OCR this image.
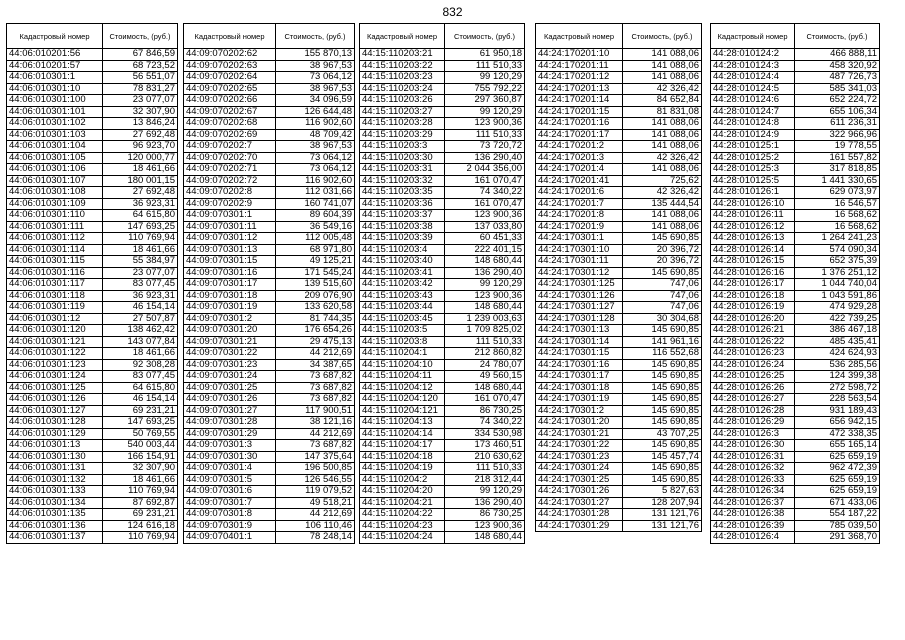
832
Кадастровый номер	Стоимость, (руб.)
44:06:010201:56	67 846,59
44:06:010201:57	68 723,52
44:06:010301:1	56 551,07
44:06:010301:10	78 831,27
44:06:010301:100	23 077,07
44:06:010301:101	32 307,90
44:06:010301:102	13 846,24
44:06:010301:103	27 692,48
44:06:010301:104	96 923,70
44:06:010301:105	120 000,77
44:06:010301:106	18 461,66
44:06:010301:107	180 001,15
44:06:010301:108	27 692,48
44:06:010301:109	36 923,31
44:06:010301:110	64 615,80
44:06:010301:111	147 693,25
44:06:010301:112	110 769,94
44:06:010301:114	18 461,66
44:06:010301:115	55 384,97
44:06:010301:116	23 077,07
44:06:010301:117	83 077,45
44:06:010301:118	36 923,31
44:06:010301:119	46 154,14
44:06:010301:12	27 507,87
44:06:010301:120	138 462,42
44:06:010301:121	143 077,84
44:06:010301:122	18 461,66
44:06:010301:123	92 308,28
44:06:010301:124	83 077,45
44:06:010301:125	64 615,80
44:06:010301:126	46 154,14
44:06:010301:127	69 231,21
44:06:010301:128	147 693,25
44:06:010301:129	50 769,55
44:06:010301:13	540 003,44
44:06:010301:130	166 154,91
44:06:010301:131	32 307,90
44:06:010301:132	18 461,66
44:06:010301:133	110 769,94
44:06:010301:134	87 692,87
44:06:010301:135	69 231,21
44:06:010301:136	124 616,18
44:06:010301:137	110 769,94
Кадастровый номер	Стоимость, (руб.)
44:09:070202:62	155 870,13
44:09:070202:63	38 967,53
44:09:070202:64	73 064,12
44:09:070202:65	38 967,53
44:09:070202:66	34 096,59
44:09:070202:67	126 644,48
44:09:070202:68	116 902,60
44:09:070202:69	48 709,42
44:09:070202:7	38 967,53
44:09:070202:70	73 064,12
44:09:070202:71	73 064,12
44:09:070202:72	116 902,60
44:09:070202:8	112 031,66
44:09:070202:9	160 741,07
44:09:070301:1	89 604,39
44:09:070301:11	36 549,16
44:09:070301:12	112 005,48
44:09:070301:13	68 971,80
44:09:070301:15	49 125,21
44:09:070301:16	171 545,24
44:09:070301:17	139 515,60
44:09:070301:18	209 076,90
44:09:070301:19	133 620,58
44:09:070301:2	81 744,35
44:09:070301:20	176 654,26
44:09:070301:21	29 475,13
44:09:070301:22	44 212,69
44:09:070301:23	34 387,65
44:09:070301:24	73 687,82
44:09:070301:25	73 687,82
44:09:070301:26	73 687,82
44:09:070301:27	117 900,51
44:09:070301:28	38 121,16
44:09:070301:29	44 212,69
44:09:070301:3	73 687,82
44:09:070301:30	147 375,64
44:09:070301:4	196 500,85
44:09:070301:5	126 546,55
44:09:070301:6	119 079,52
44:09:070301:7	49 518,21
44:09:070301:8	44 212,69
44:09:070301:9	106 110,46
44:09:070401:1	78 248,14
Кадастровый номер	Стоимость, (руб.)
44:15:110203:21	61 950,18
44:15:110203:22	111 510,33
44:15:110203:23	99 120,29
44:15:110203:24	755 792,22
44:15:110203:26	297 360,87
44:15:110203:27	99 120,29
44:15:110203:28	123 900,36
44:15:110203:29	111 510,33
44:15:110203:3	73 720,72
44:15:110203:30	136 290,40
44:15:110203:31	2 044 356,00
44:15:110203:32	161 070,47
44:15:110203:35	74 340,22
44:15:110203:36	161 070,47
44:15:110203:37	123 900,36
44:15:110203:38	137 033,80
44:15:110203:39	60 451,33
44:15:110203:4	222 401,15
44:15:110203:40	148 680,44
44:15:110203:41	136 290,40
44:15:110203:42	99 120,29
44:15:110203:43	123 900,36
44:15:110203:44	148 680,44
44:15:110203:45	1 239 003,63
44:15:110203:5	1 709 825,02
44:15:110203:8	111 510,33
44:15:110204:1	212 860,82
44:15:110204:10	24 780,07
44:15:110204:11	49 560,15
44:15:110204:12	148 680,44
44:15:110204:120	161 070,47
44:15:110204:121	86 730,25
44:15:110204:13	74 340,22
44:15:110204:14	334 530,98
44:15:110204:17	173 460,51
44:15:110204:18	210 630,62
44:15:110204:19	111 510,33
44:15:110204:2	218 312,44
44:15:110204:20	99 120,29
44:15:110204:21	136 290,40
44:15:110204:22	86 730,25
44:15:110204:23	123 900,36
44:15:110204:24	148 680,44
Кадастровый номер	Стоимость, (руб.)
44:24:170201:10	141 088,06
44:24:170201:11	141 088,06
44:24:170201:12	141 088,06
44:24:170201:13	42 326,42
44:24:170201:14	84 652,84
44:24:170201:15	81 831,08
44:24:170201:16	141 088,06
44:24:170201:17	141 088,06
44:24:170201:2	141 088,06
44:24:170201:3	42 326,42
44:24:170201:4	141 088,06
44:24:170201:41	725,62
44:24:170201:6	42 326,42
44:24:170201:7	135 444,54
44:24:170201:8	141 088,06
44:24:170201:9	141 088,06
44:24:170301:1	145 690,85
44:24:170301:10	20 396,72
44:24:170301:11	20 396,72
44:24:170301:12	145 690,85
44:24:170301:125	747,06
44:24:170301:126	747,06
44:24:170301:127	747,06
44:24:170301:128	30 304,68
44:24:170301:13	145 690,85
44:24:170301:14	141 961,16
44:24:170301:15	116 552,68
44:24:170301:16	145 690,85
44:24:170301:17	145 690,85
44:24:170301:18	145 690,85
44:24:170301:19	145 690,85
44:24:170301:2	145 690,85
44:24:170301:20	145 690,85
44:24:170301:21	43 707,25
44:24:170301:22	145 690,85
44:24:170301:23	145 457,74
44:24:170301:24	145 690,85
44:24:170301:25	145 690,85
44:24:170301:26	5 827,63
44:24:170301:27	128 207,94
44:24:170301:28	131 121,76
44:24:170301:29	131 121,76
Кадастровый номер	Стоимость, (руб.)
44:28:010124:2	466 888,11
44:28:010124:3	458 320,92
44:28:010124:4	487 726,73
44:28:010124:5	585 341,03
44:28:010124:6	652 224,72
44:28:010124:7	655 106,34
44:28:010124:8	611 236,31
44:28:010124:9	322 966,96
44:28:010125:1	19 778,55
44:28:010125:2	161 557,82
44:28:010125:3	317 818,85
44:28:010125:5	1 441 330,65
44:28:010126:1	629 073,97
44:28:010126:10	16 546,57
44:28:010126:11	16 568,62
44:28:010126:12	16 568,62
44:28:010126:13	1 264 241,23
44:28:010126:14	574 090,34
44:28:010126:15	652 375,39
44:28:010126:16	1 376 251,12
44:28:010126:17	1 044 740,04
44:28:010126:18	1 043 591,86
44:28:010126:19	474 929,28
44:28:010126:20	422 739,25
44:28:010126:21	386 467,18
44:28:010126:22	485 435,41
44:28:010126:23	424 624,93
44:28:010126:24	536 285,56
44:28:010126:25	124 399,38
44:28:010126:26	272 598,72
44:28:010126:27	228 563,54
44:28:010126:28	931 189,43
44:28:010126:29	656 942,15
44:28:010126:3	472 338,35
44:28:010126:30	655 165,14
44:28:010126:31	625 659,19
44:28:010126:32	962 472,39
44:28:010126:33	625 659,19
44:28:010126:34	625 659,19
44:28:010126:37	671 433,06
44:28:010126:38	554 187,22
44:28:010126:39	785 039,50
44:28:010126:4	291 368,70
